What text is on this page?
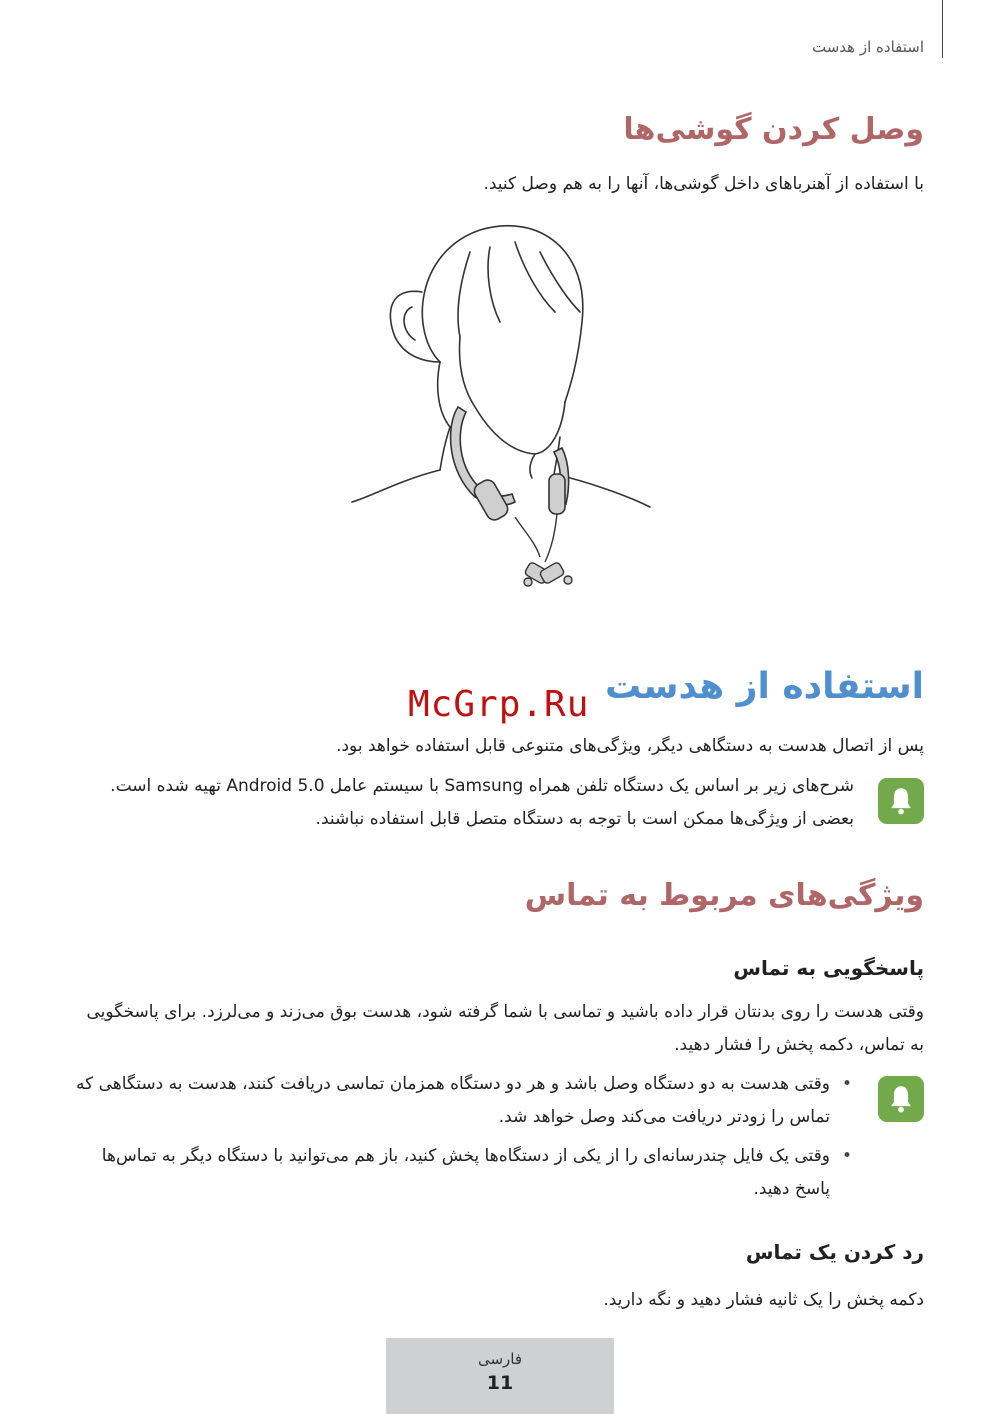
استفاده از هدست
وصل کردن گوشی‌ها
با استفاده از آهنرباهای داخل گوشی‌ها، آنها را به هم وصل کنید.
استفاده از هدست
McGrp.Ru
پس از اتصال هدست به دستگاهی دیگر، ویژگی‌های متنوعی قابل استفاده خواهد بود.
شرح‌های زیر بر اساس یک دستگاه تلفن همراه Samsung با سیستم عامل Android 5.0 تهیه شده است. بعضی از ویژگی‌ها ممکن است با توجه به دستگاه متصل قابل استفاده نباشند.
ویژگی‌های مربوط به تماس
پاسخگویی به تماس
وقتی هدست را روی بدنتان قرار داده باشید و تماسی با شما گرفته شود، هدست بوق می‌زند و می‌لرزد. برای پاسخگویی به تماس، دکمه پخش را فشار دهید.
• وقتی هدست به دو دستگاه وصل باشد و هر دو دستگاه همزمان تماسی دریافت کنند، هدست به دستگاهی که تماس را زودتر دریافت می‌کند وصل خواهد شد.
• وقتی یک فایل چندرسانه‌ای را از یکی از دستگاه‌ها پخش کنید، باز هم می‌توانید با دستگاه دیگر به تماس‌ها پاسخ دهید.
رد کردن یک تماس
دکمه پخش را یک ثانیه فشار دهید و نگه دارید.
فارسی
11
